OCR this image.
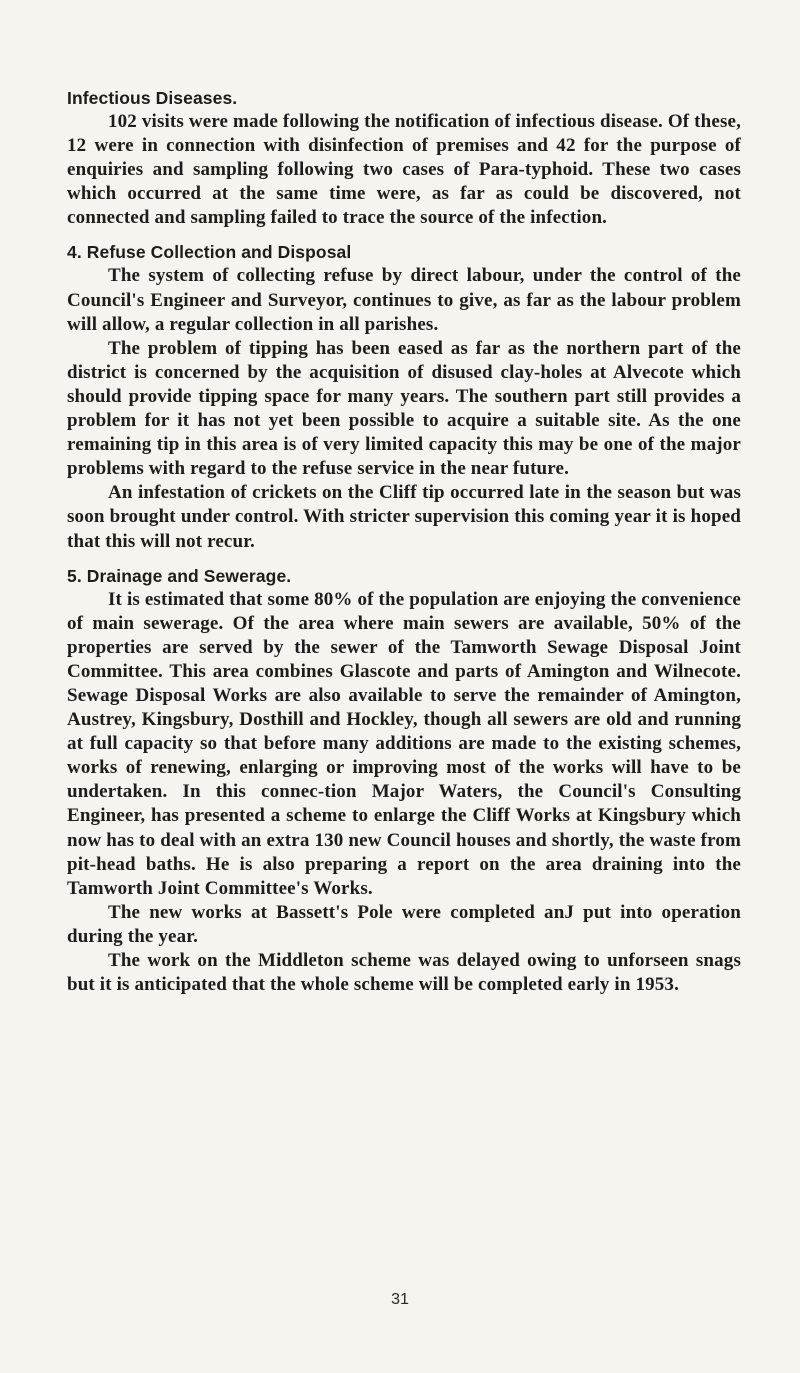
Infectious Diseases.

102 visits were made following the notification of infectious disease. Of these, 12 were in connection with disinfection of premises and 42 for the purpose of enquiries and sampling following two cases of Para-typhoid. These two cases which occurred at the same time were, as far as could be discovered, not connected and sampling failed to trace the source of the infection.

4. Refuse Collection and Disposal

The system of collecting refuse by direct labour, under the control of the Council's Engineer and Surveyor, continues to give, as far as the labour problem will allow, a regular collection in all parishes.

The problem of tipping has been eased as far as the northern part of the district is concerned by the acquisition of disused clay-holes at Alvecote which should provide tipping space for many years. The southern part still provides a problem for it has not yet been possible to acquire a suitable site. As the one remaining tip in this area is of very limited capacity this may be one of the major problems with regard to the refuse service in the near future.

An infestation of crickets on the Cliff tip occurred late in the season but was soon brought under control. With stricter supervision this coming year it is hoped that this will not recur.

5. Drainage and Sewerage.

It is estimated that some 80% of the population are enjoying the convenience of main sewerage. Of the area where main sewers are available, 50% of the properties are served by the sewer of the Tamworth Sewage Disposal Joint Committee. This area combines Glascote and parts of Amington and Wilnecote. Sewage Disposal Works are also available to serve the remainder of Amington, Austrey, Kingsbury, Dosthill and Hockley, though all sewers are old and running at full capacity so that before many additions are made to the existing schemes, works of renewing, enlarging or improving most of the works will have to be undertaken. In this connec-tion Major Waters, the Council's Consulting Engineer, has presented a scheme to enlarge the Cliff Works at Kingsbury which now has to deal with an extra 130 new Council houses and shortly, the waste from pit-head baths. He is also preparing a report on the area draining into the Tamworth Joint Committee's Works.

The new works at Bassett's Pole were completed anJ put into operation during the year.

The work on the Middleton scheme was delayed owing to unforseen snags but it is anticipated that the whole scheme will be completed early in 1953.

31
